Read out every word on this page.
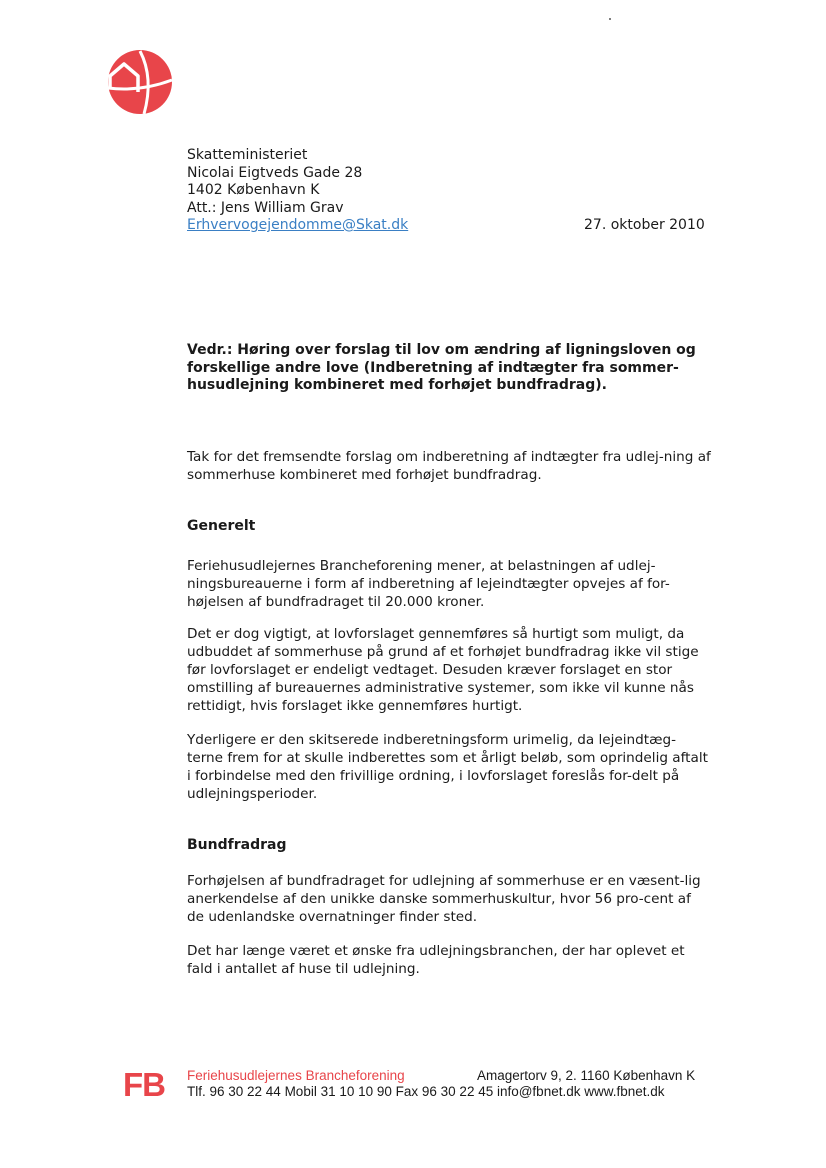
Skatteministeriet
Nicolai Eigtveds Gade 28
1402 København K
Att.: Jens William Grav
Erhvervogejendomme@Skat.dk	27. oktober 2010
Vedr.: Høring over forslag til lov om ændring af ligningsloven og forskellige andre love (Indberetning af indtægter fra sommer-husudlejning kombineret med forhøjet bundfradrag).
Tak for det fremsendte forslag om indberetning af indtægter fra udlej-ning af sommerhuse kombineret med forhøjet bundfradrag.
Generelt
Feriehusudlejernes Brancheforening mener, at belastningen af udlej-ningsbureauerne i form af indberetning af lejeindtægter opvejes af for-højelsen af bundfradraget til 20.000 kroner.
Det er dog vigtigt, at lovforslaget gennemføres så hurtigt som muligt, da udbuddet af sommerhuse på grund af et forhøjet bundfradrag ikke vil stige før lovforslaget er endeligt vedtaget. Desuden kræver forslaget en stor omstilling af bureauernes administrative systemer, som ikke vil kunne nås rettidigt, hvis forslaget ikke gennemføres hurtigt.
Yderligere er den skitserede indberetningsform urimelig, da lejeindtæg-terne frem for at skulle indberettes som et årligt beløb, som oprindelig aftalt i forbindelse med den frivillige ordning, i lovforslaget foreslås for-delt på udlejningsperioder.
Bundfradrag
Forhøjelsen af bundfradraget for udlejning af sommerhuse er en væsent-lig anerkendelse af den unikke danske sommerhuskultur, hvor 56 pro-cent af de udenlandske overnatninger finder sted.
Det har længe været et ønske fra udlejningsbranchen, der har oplevet et fald i antallet af huse til udlejning.
FB Feriehusudlejernes Brancheforening	Amagertorv 9, 2. 1160 København K
Tlf. 96 30 22 44 Mobil 31 10 10 90 Fax 96 30 22 45 info@fbnet.dk www.fbnet.dk
